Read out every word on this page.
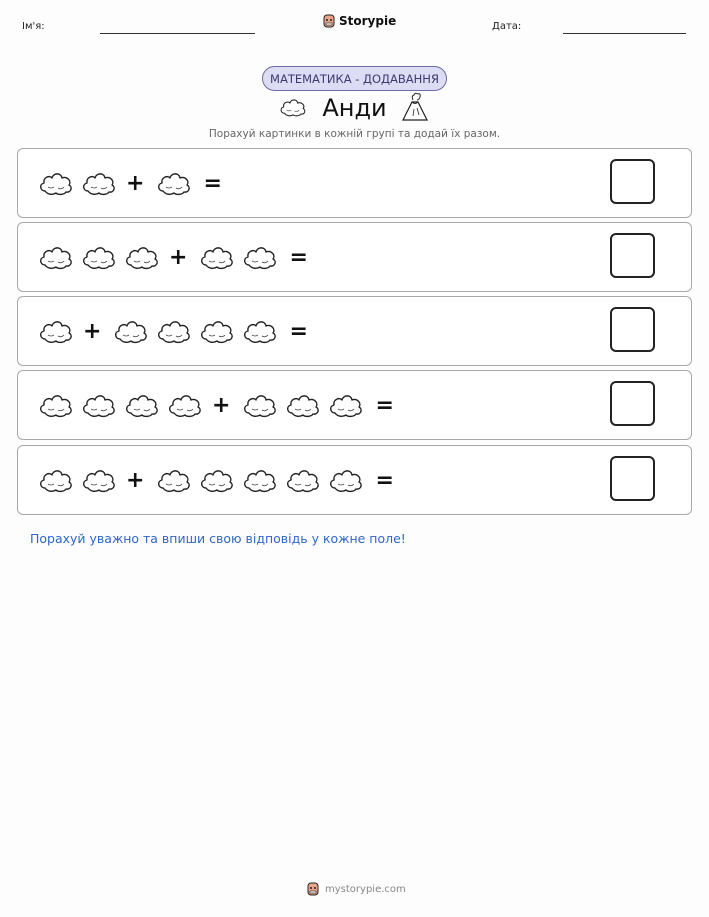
Ім'я:	Storypie	Дата:
МАТЕМАТИКА - ДОДАВАННЯ
Анди
Порахуй картинки в кожній групі та додай їх разом.
+	=
+	=
+	=
+	=
+	=
Порахуй уважно та впиши свою відповідь у кожне поле!
mystorypie.com
